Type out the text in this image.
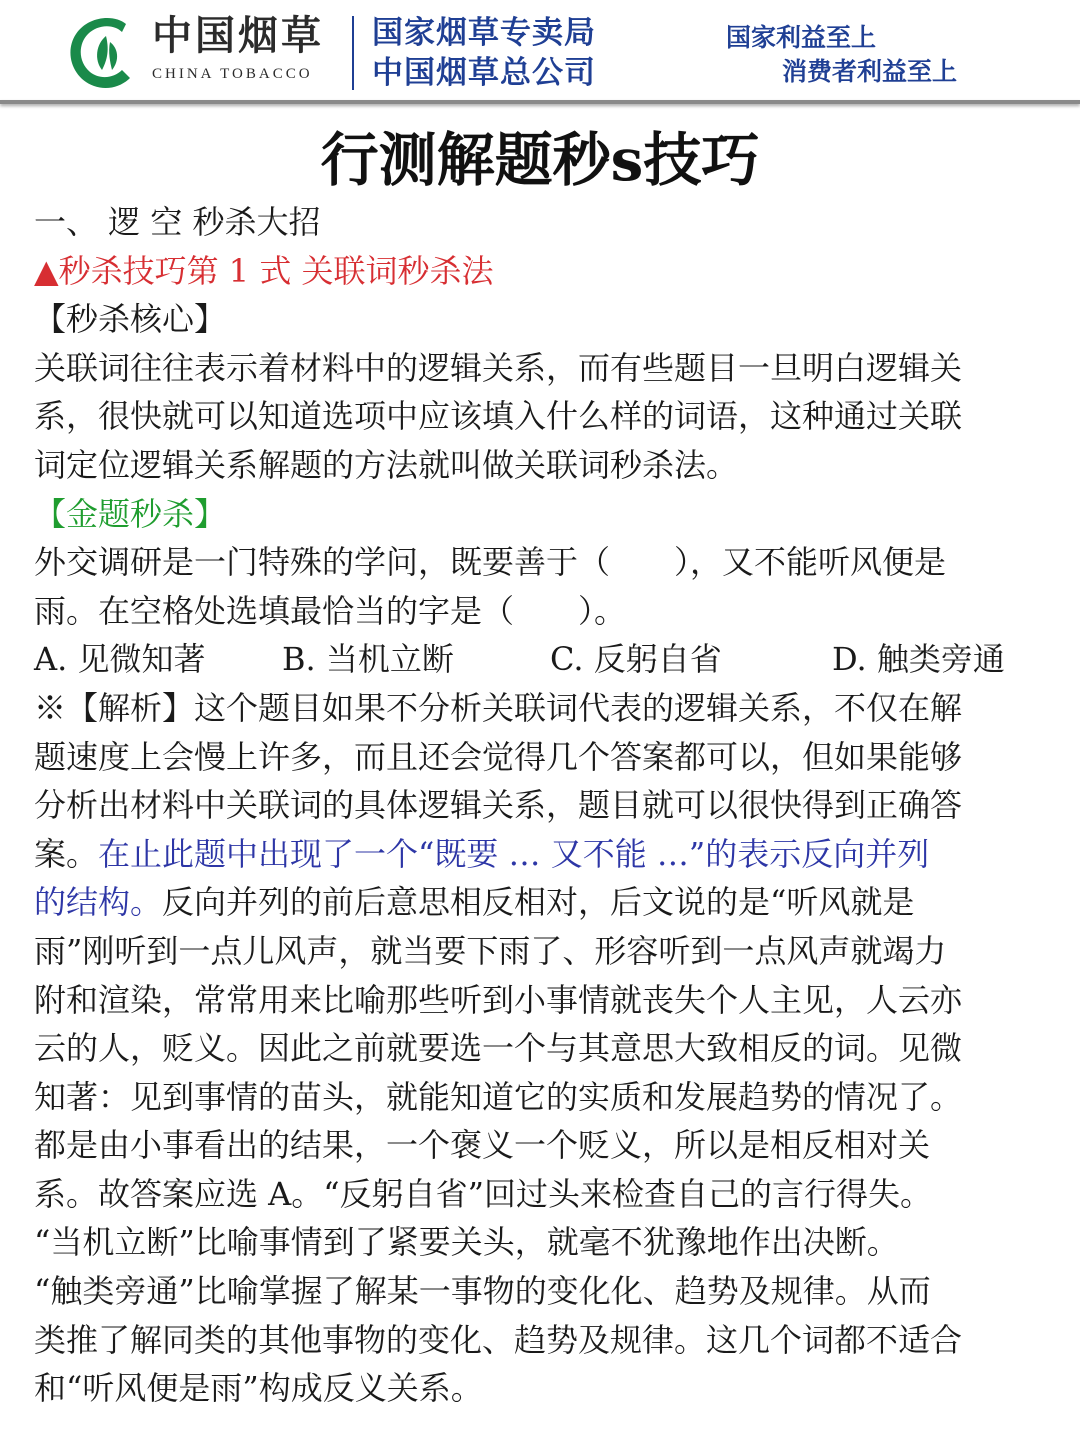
中国烟草
CHINA TOBACCO
国家烟草专卖局
中国烟草总公司
国家利益至上
消费者利益至上
行测解题秒s技巧
一、 逻 空 秒杀大招
▲秒杀技巧第 1 式 关联词秒杀法
【秒杀核心】
关联词往往表示着材料中的逻辑关系，而有些题目一旦明白逻辑关
系，很快就可以知道选项中应该填入什么样的词语，这种通过关联
词定位逻辑关系解题的方法就叫做关联词秒杀法。
【金题秒杀】
外交调研是一门特殊的学问，既要善于（　　），又不能听风便是
雨。在空格处选填最恰当的字是（　　）。
A. 见微知著 B. 当机立断	C. 反躬自省	D. 触类旁通
※【解析】这个题目如果不分析关联词代表的逻辑关系，不仅在解
题速度上会慢上许多，而且还会觉得几个答案都可以，但如果能够
分析出材料中关联词的具体逻辑关系，题目就可以很快得到正确答
案。在止此题中出现了一个“既要 … 又不能 …”的表示反向并列
的结构。反向并列的前后意思相反相对，后文说的是“听风就是
雨”刚听到一点儿风声，就当要下雨了、形容听到一点风声就竭力
附和渲染，常常用来比喻那些听到小事情就丧失个人主见，人云亦
云的人，贬义。因此之前就要选一个与其意思大致相反的词。见微
知著：见到事情的苗头，就能知道它的实质和发展趋势的情况了。
都是由小事看出的结果，一个褒义一个贬义，所以是相反相对关
系。故答案应选 A。“反躬自省”回过头来检查自己的言行得失。
“当机立断”比喻事情到了紧要关头，就毫不犹豫地作出决断。
“触类旁通”比喻掌握了解某一事物的变化化、趋势及规律。从而
类推了解同类的其他事物的变化、趋势及规律。这几个词都不适合
和“听风便是雨”构成反义关系。
